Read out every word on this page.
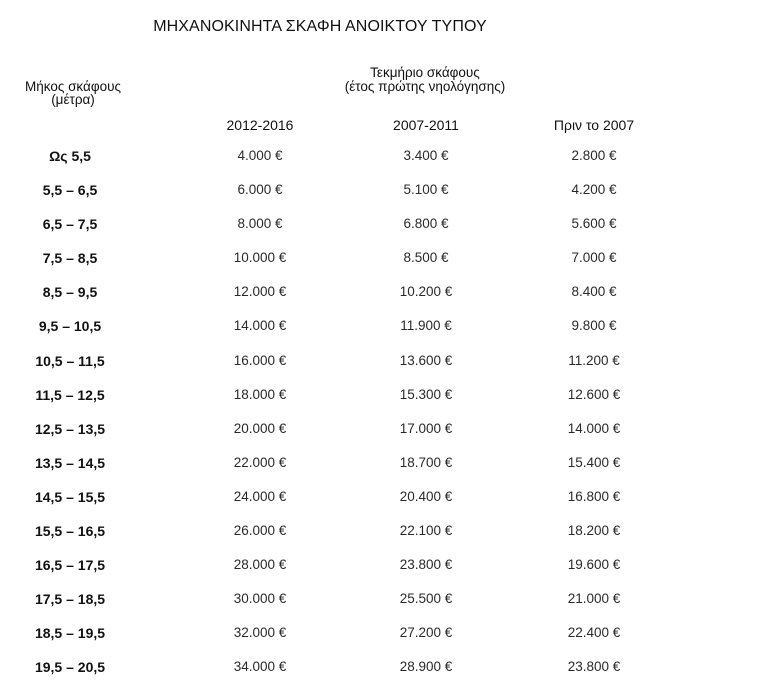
ΜΗΧΑΝΟΚΙΝΗΤΑ ΣΚΑΦΗ ΑΝΟΙΚΤΟΥ ΤΥΠΟΥ
Μήκος σκάφους
(μέτρα)
Τεκμήριο σκάφους
(έτος πρώτης νηολόγησης)
2012-2016	2007-2011	Πριν το 2007
Ως 5,5	4.000 €	3.400 €	2.800 €
5,5 – 6,5	6.000 €	5.100 €	4.200 €
6,5 – 7,5	8.000 €	6.800 €	5.600 €
7,5 – 8,5	10.000 €	8.500 €	7.000 €
8,5 – 9,5	12.000 €	10.200 €	8.400 €
9,5 – 10,5	14.000 €	11.900 €	9.800 €
10,5 – 11,5	16.000 €	13.600 €	11.200 €
11,5 – 12,5	18.000 €	15.300 €	12.600 €
12,5 – 13,5	20.000 €	17.000 €	14.000 €
13,5 – 14,5	22.000 €	18.700 €	15.400 €
14,5 – 15,5	24.000 €	20.400 €	16.800 €
15,5 – 16,5	26.000 €	22.100 €	18.200 €
16,5 – 17,5	28.000 €	23.800 €	19.600 €
17,5 – 18,5	30.000 €	25.500 €	21.000 €
18,5 – 19,5	32.000 €	27.200 €	22.400 €
19,5 – 20,5	34.000 €	28.900 €	23.800 €
